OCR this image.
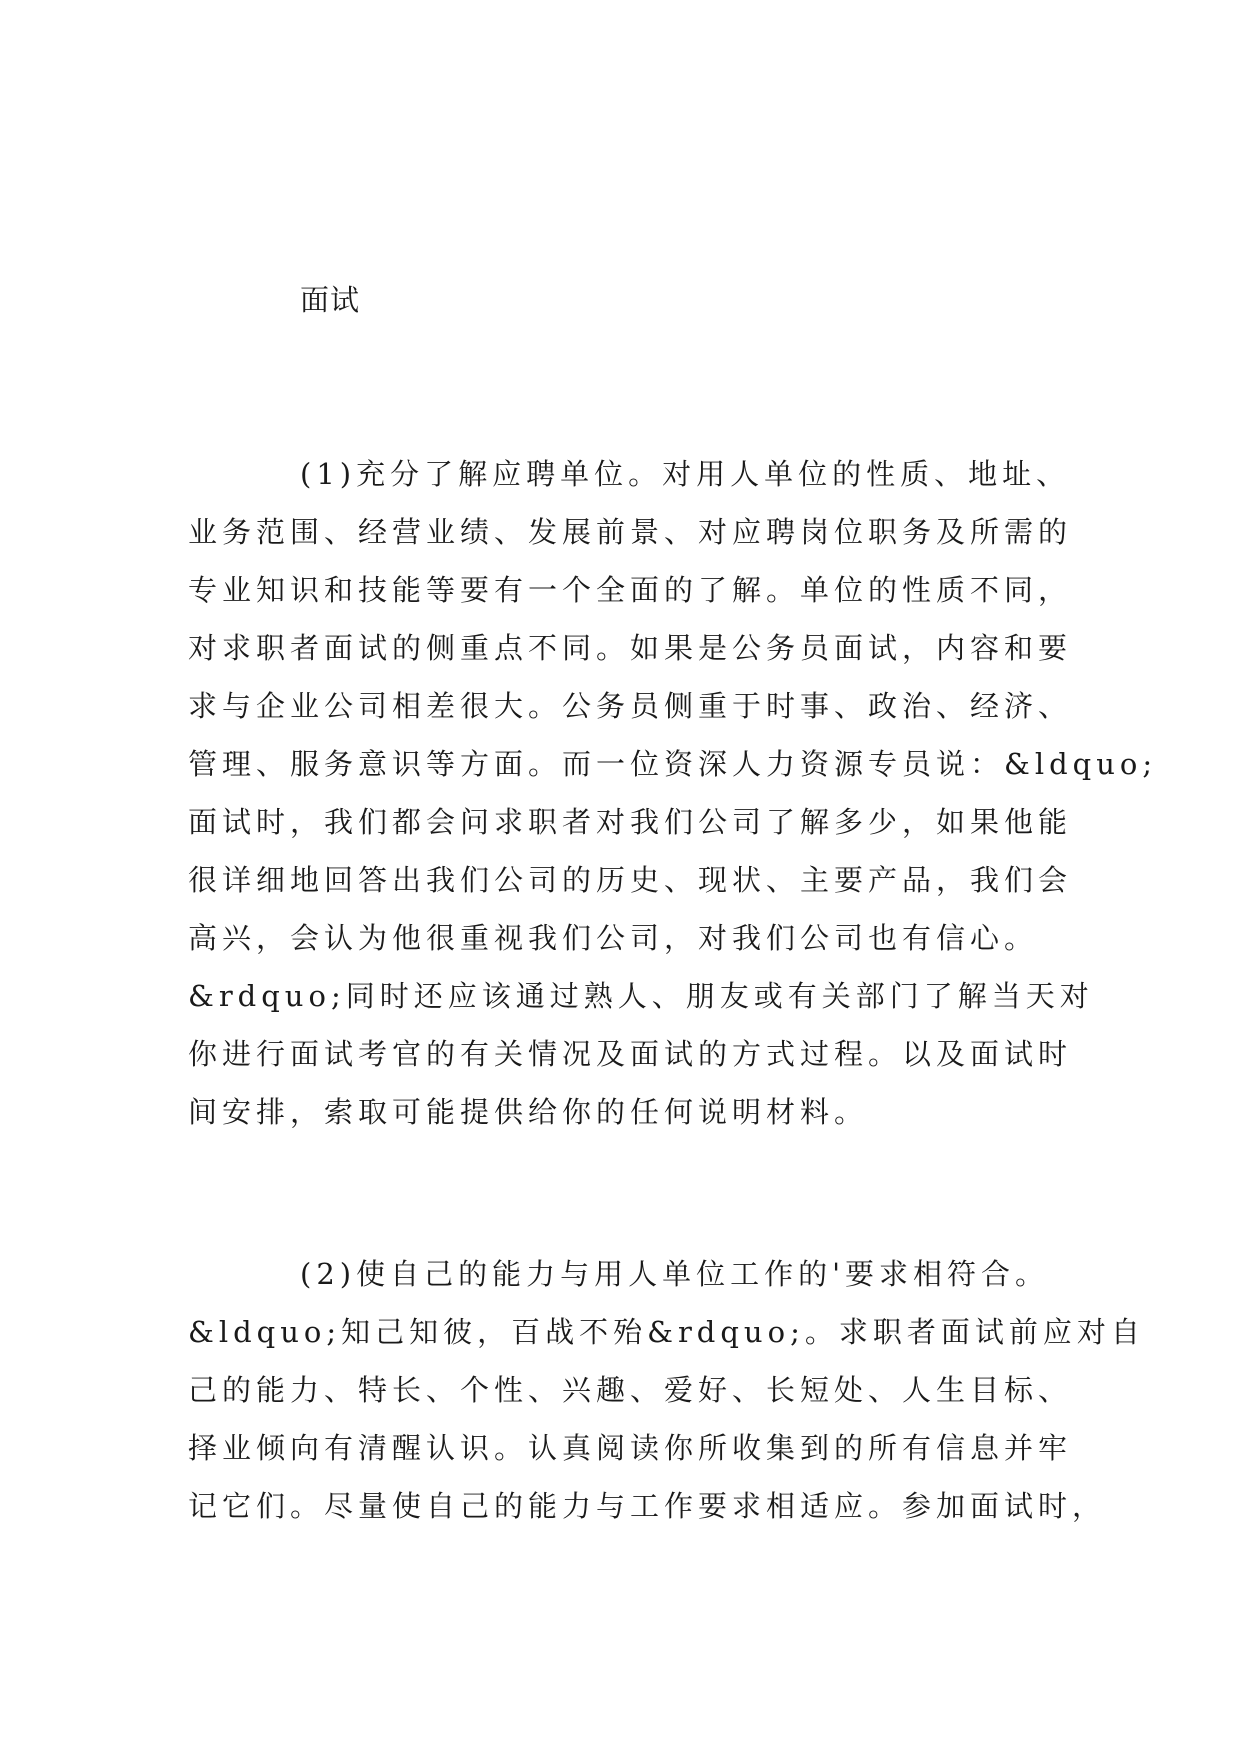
面试
(1)充分了解应聘单位。对用人单位的性质、地址、
业务范围、经营业绩、发展前景、对应聘岗位职务及所需的
专业知识和技能等要有一个全面的了解。单位的性质不同，
对求职者面试的侧重点不同。如果是公务员面试，内容和要
求与企业公司相差很大。公务员侧重于时事、政治、经济、
管理、服务意识等方面。而一位资深人力资源专员说：&ldquo;
面试时，我们都会问求职者对我们公司了解多少，如果他能
很详细地回答出我们公司的历史、现状、主要产品，我们会
高兴，会认为他很重视我们公司，对我们公司也有信心。
&rdquo;同时还应该通过熟人、朋友或有关部门了解当天对
你进行面试考官的有关情况及面试的方式过程。以及面试时
间安排，索取可能提供给你的任何说明材料。
(2)使自己的能力与用人单位工作的'要求相符合。
&ldquo;知己知彼，百战不殆&rdquo;。求职者面试前应对自
己的能力、特长、个性、兴趣、爱好、长短处、人生目标、
择业倾向有清醒认识。认真阅读你所收集到的所有信息并牢
记它们。尽量使自己的能力与工作要求相适应。参加面试时，
